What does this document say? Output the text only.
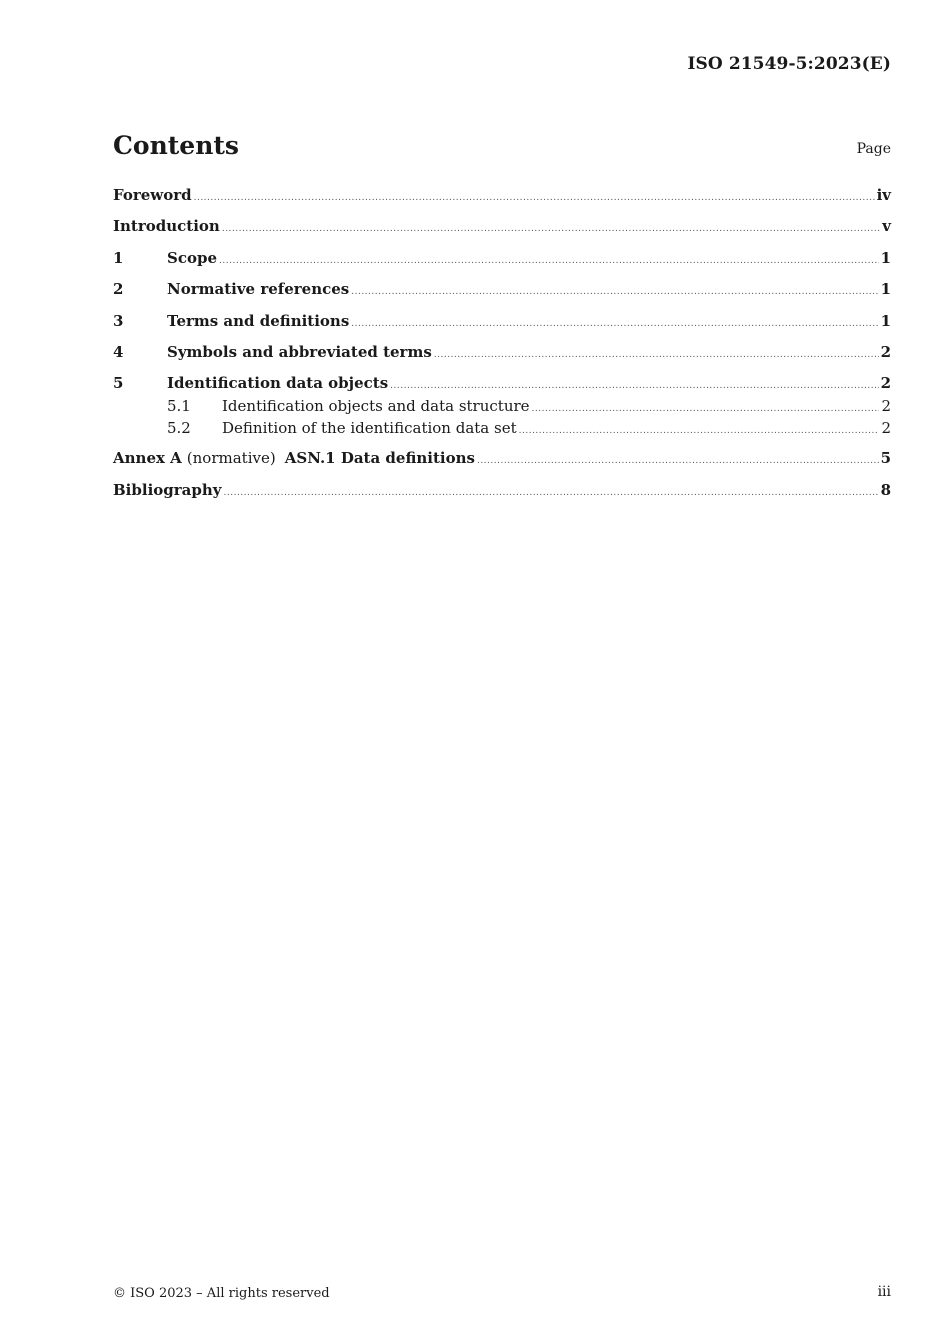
ISO 21549-5:2023(E)
Contents	Page
Foreword .....	iv
Introduction .....	v
1	Scope .....	1
2	Normative references .....	1
3	Terms and definitions .....	1
4	Symbols and abbreviated terms .....	2
5	Identification data objects .....	2
5.1	Identification objects and data structure .....	2
5.2	Definition of the identification data set .....	2
Annex A (normative) ASN.1 Data definitions .....	5
Bibliography .....	8
© ISO 2023 – All rights reserved	iii
